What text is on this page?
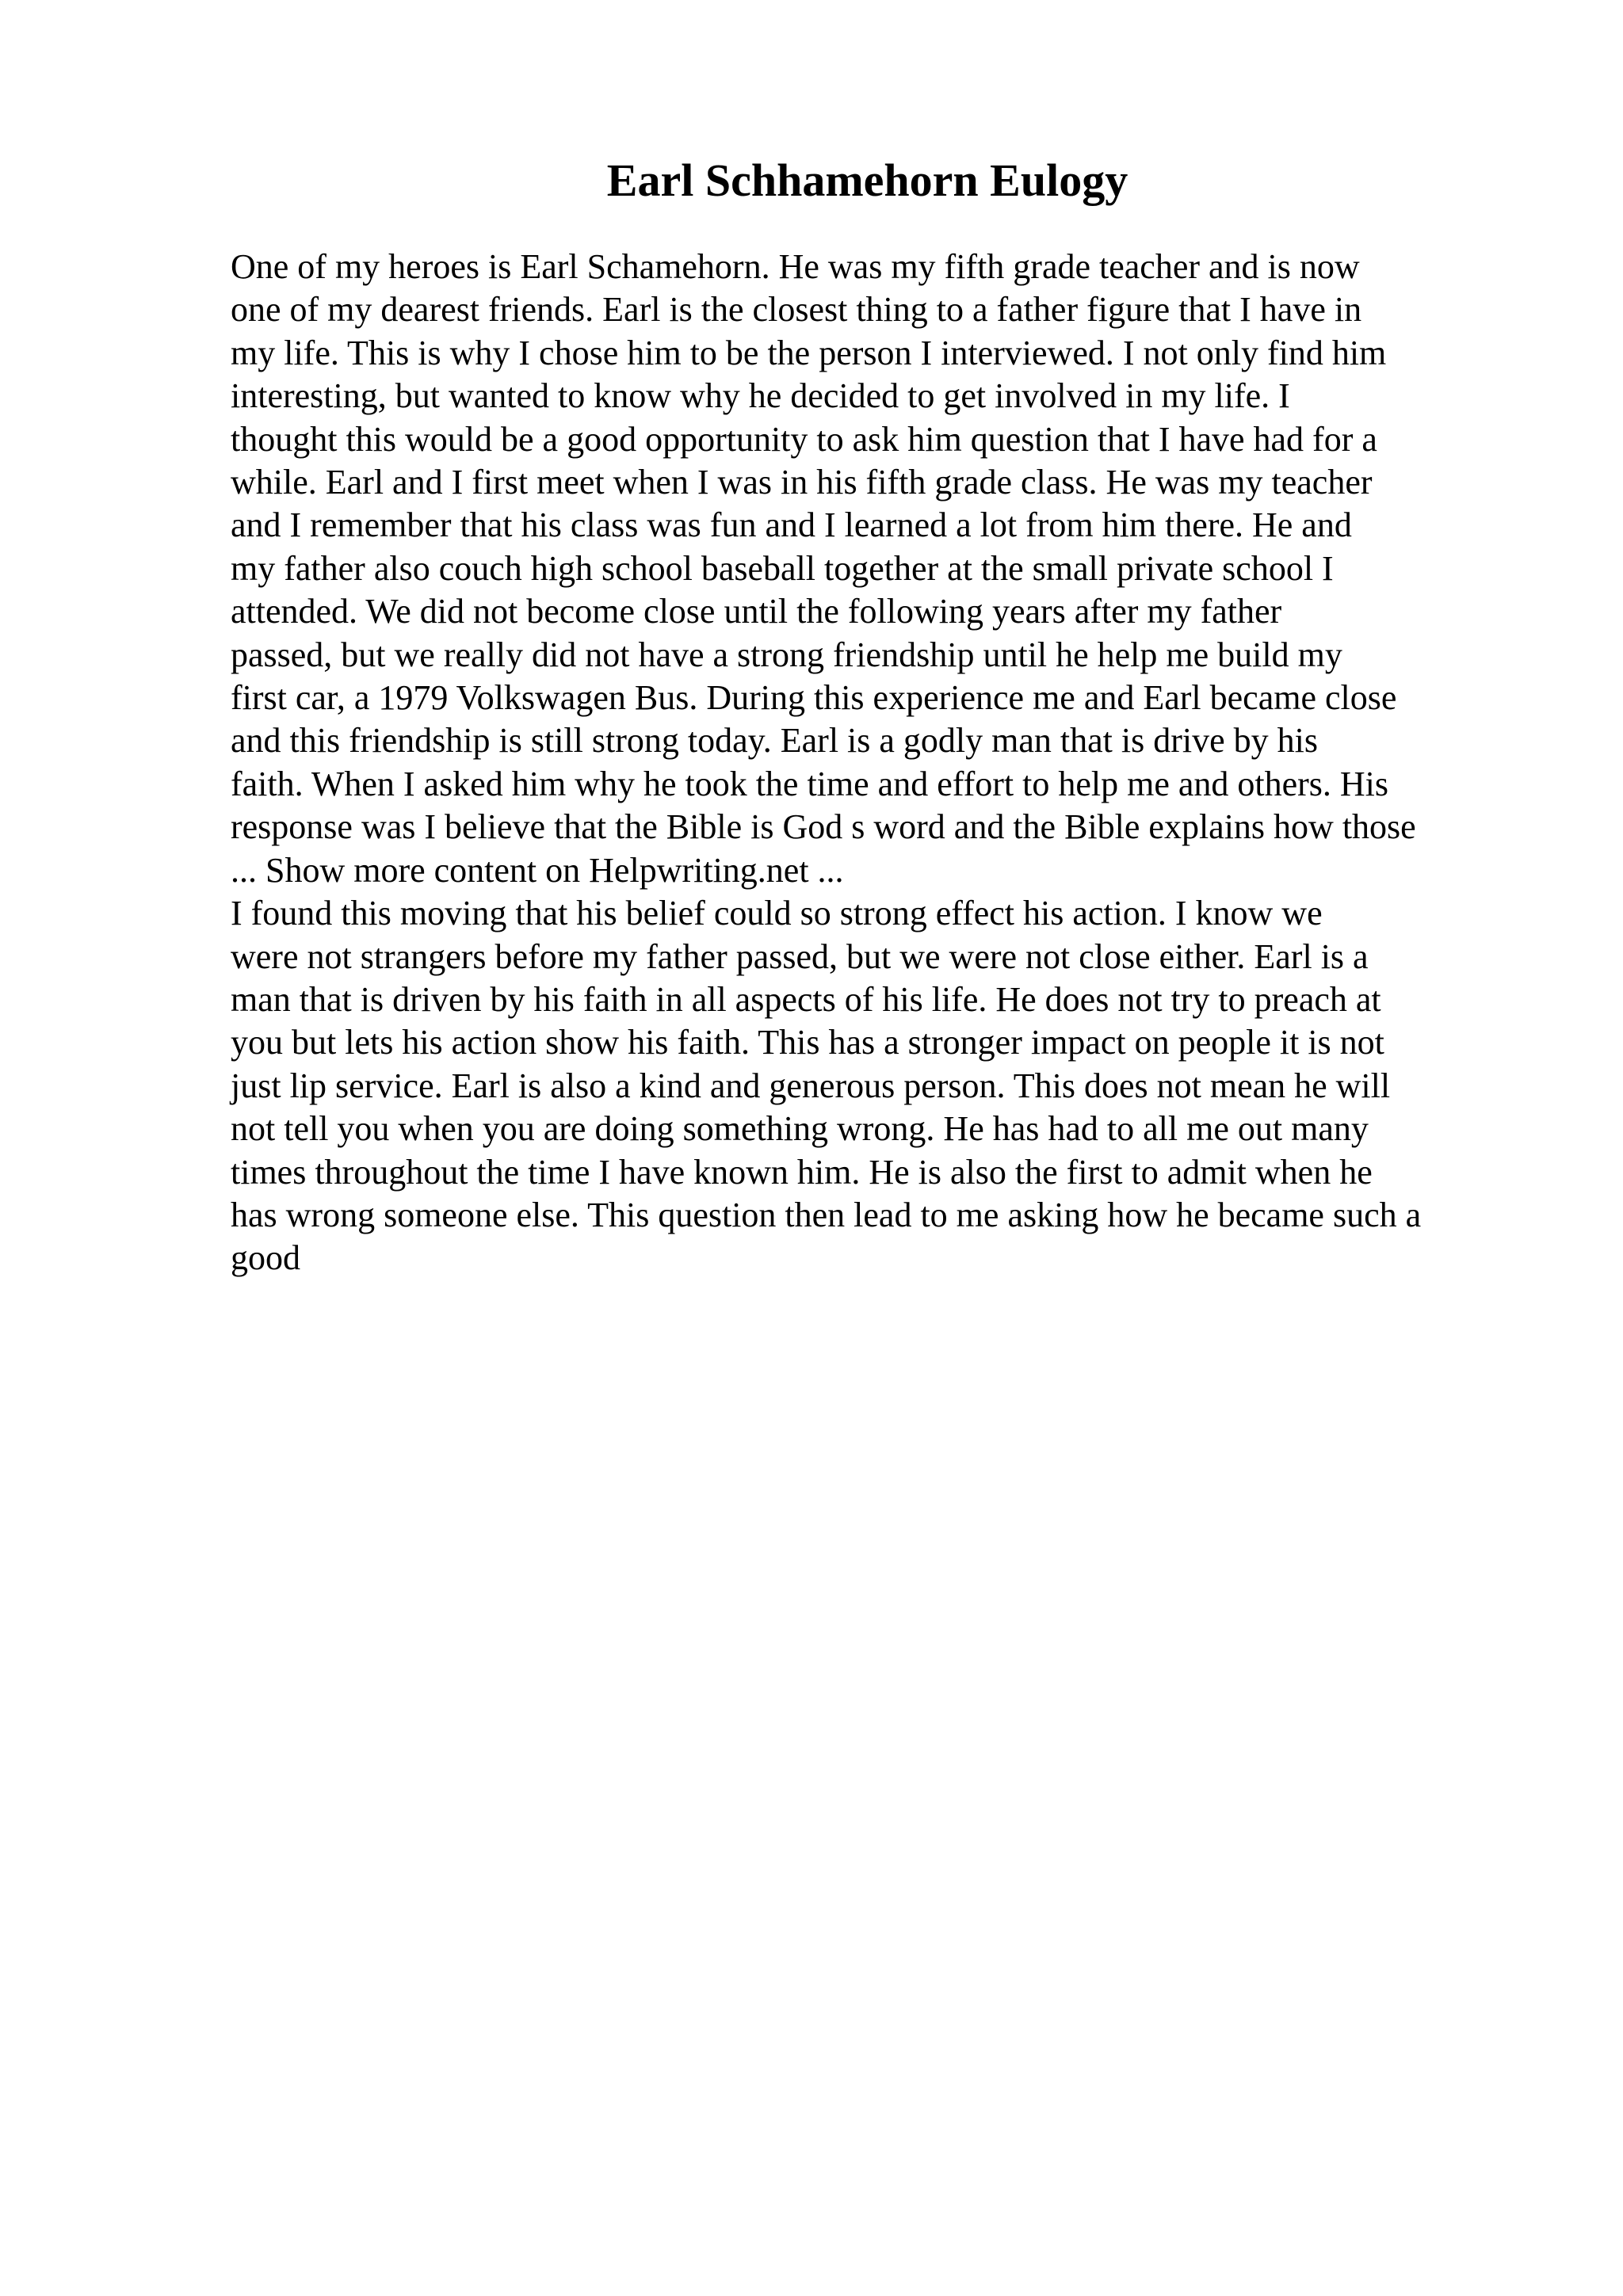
Earl Schhamehorn Eulogy
One of my heroes is Earl Schamehorn. He was my fifth grade teacher and is now
one of my dearest friends. Earl is the closest thing to a father figure that I have in
my life. This is why I chose him to be the person I interviewed. I not only find him
interesting, but wanted to know why he decided to get involved in my life. I
thought this would be a good opportunity to ask him question that I have had for a
while. Earl and I first meet when I was in his fifth grade class. He was my teacher
and I remember that his class was fun and I learned a lot from him there. He and
my father also couch high school baseball together at the small private school I
attended. We did not become close until the following years after my father
passed, but we really did not have a strong friendship until he help me build my
first car, a 1979 Volkswagen Bus. During this experience me and Earl became close
and this friendship is still strong today. Earl is a godly man that is drive by his
faith. When I asked him why he took the time and effort to help me and others. His
response was I believe that the Bible is God s word and the Bible explains how those
... Show more content on Helpwriting.net ...
I found this moving that his belief could so strong effect his action. I know we
were not strangers before my father passed, but we were not close either. Earl is a
man that is driven by his faith in all aspects of his life. He does not try to preach at
you but lets his action show his faith. This has a stronger impact on people it is not
just lip service. Earl is also a kind and generous person. This does not mean he will
not tell you when you are doing something wrong. He has had to all me out many
times throughout the time I have known him. He is also the first to admit when he
has wrong someone else. This question then lead to me asking how he became such a
good
